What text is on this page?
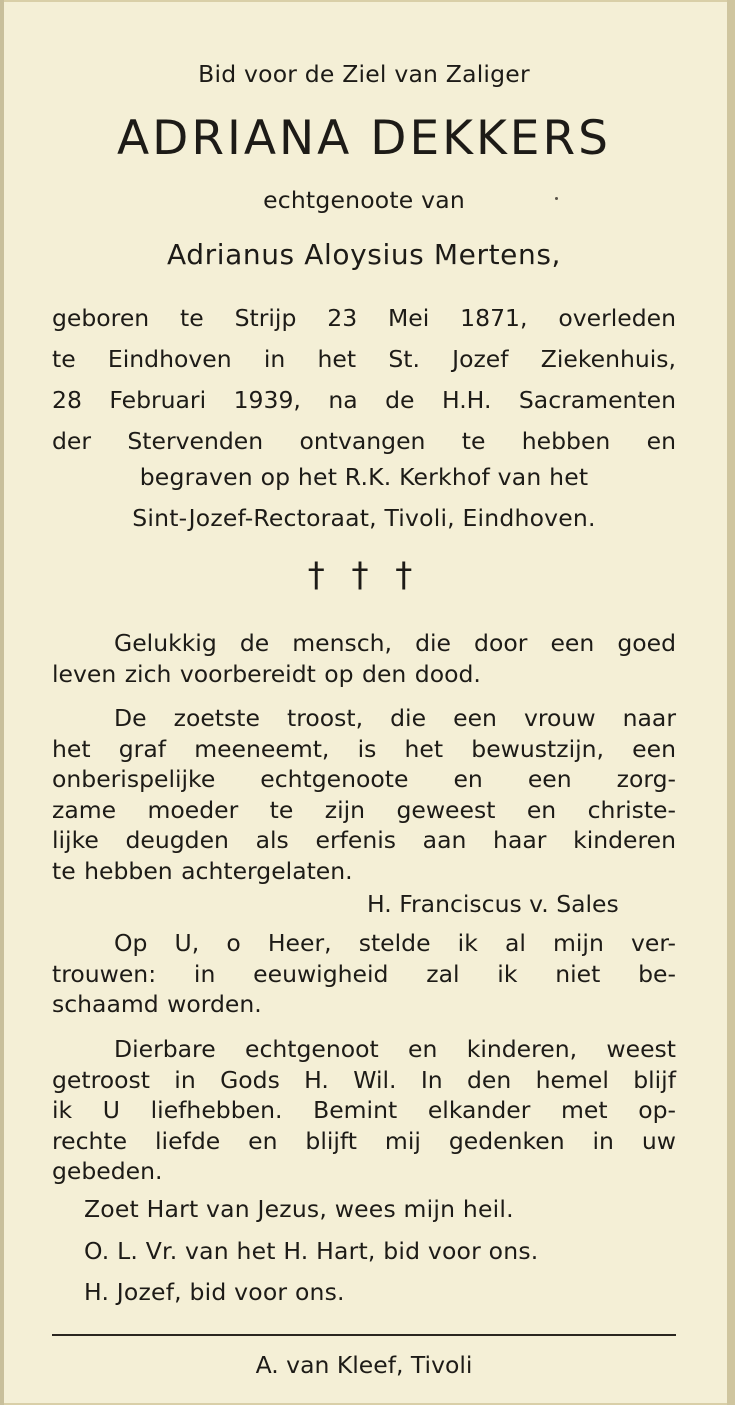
Bid voor de Ziel van Zaliger
ADRIANA DEKKERS
echtgenoote van
Adrianus Aloysius Mertens,
geboren te Strijp 23 Mei 1871, overleden
te Eindhoven in het St. Jozef Ziekenhuis,
28 Februari 1939, na de H.H. Sacramenten
der Stervenden ontvangen te hebben en
begraven op het R.K. Kerkhof van het
Sint-Jozef-Rectoraat, Tivoli, Eindhoven.
† † †
Gelukkig de mensch, die door een goed
leven zich voorbereidt op den dood.
De zoetste troost, die een vrouw naar
het graf meeneemt, is het bewustzijn, een
onberispelijke echtgenoote en een zorg-
zame moeder te zijn geweest en christe-
lijke deugden als erfenis aan haar kinderen
te hebben achtergelaten.
H. Franciscus v. Sales
Op U, o Heer, stelde ik al mijn ver-
trouwen: in eeuwigheid zal ik niet be-
schaamd worden.
Dierbare echtgenoot en kinderen, weest
getroost in Gods H. Wil. In den hemel blijf
ik U liefhebben. Bemint elkander met op-
rechte liefde en blijft mij gedenken in uw
gebeden.
Zoet Hart van Jezus, wees mijn heil.
O. L. Vr. van het H. Hart, bid voor ons.
H. Jozef, bid voor ons.
A. van Kleef, Tivoli
